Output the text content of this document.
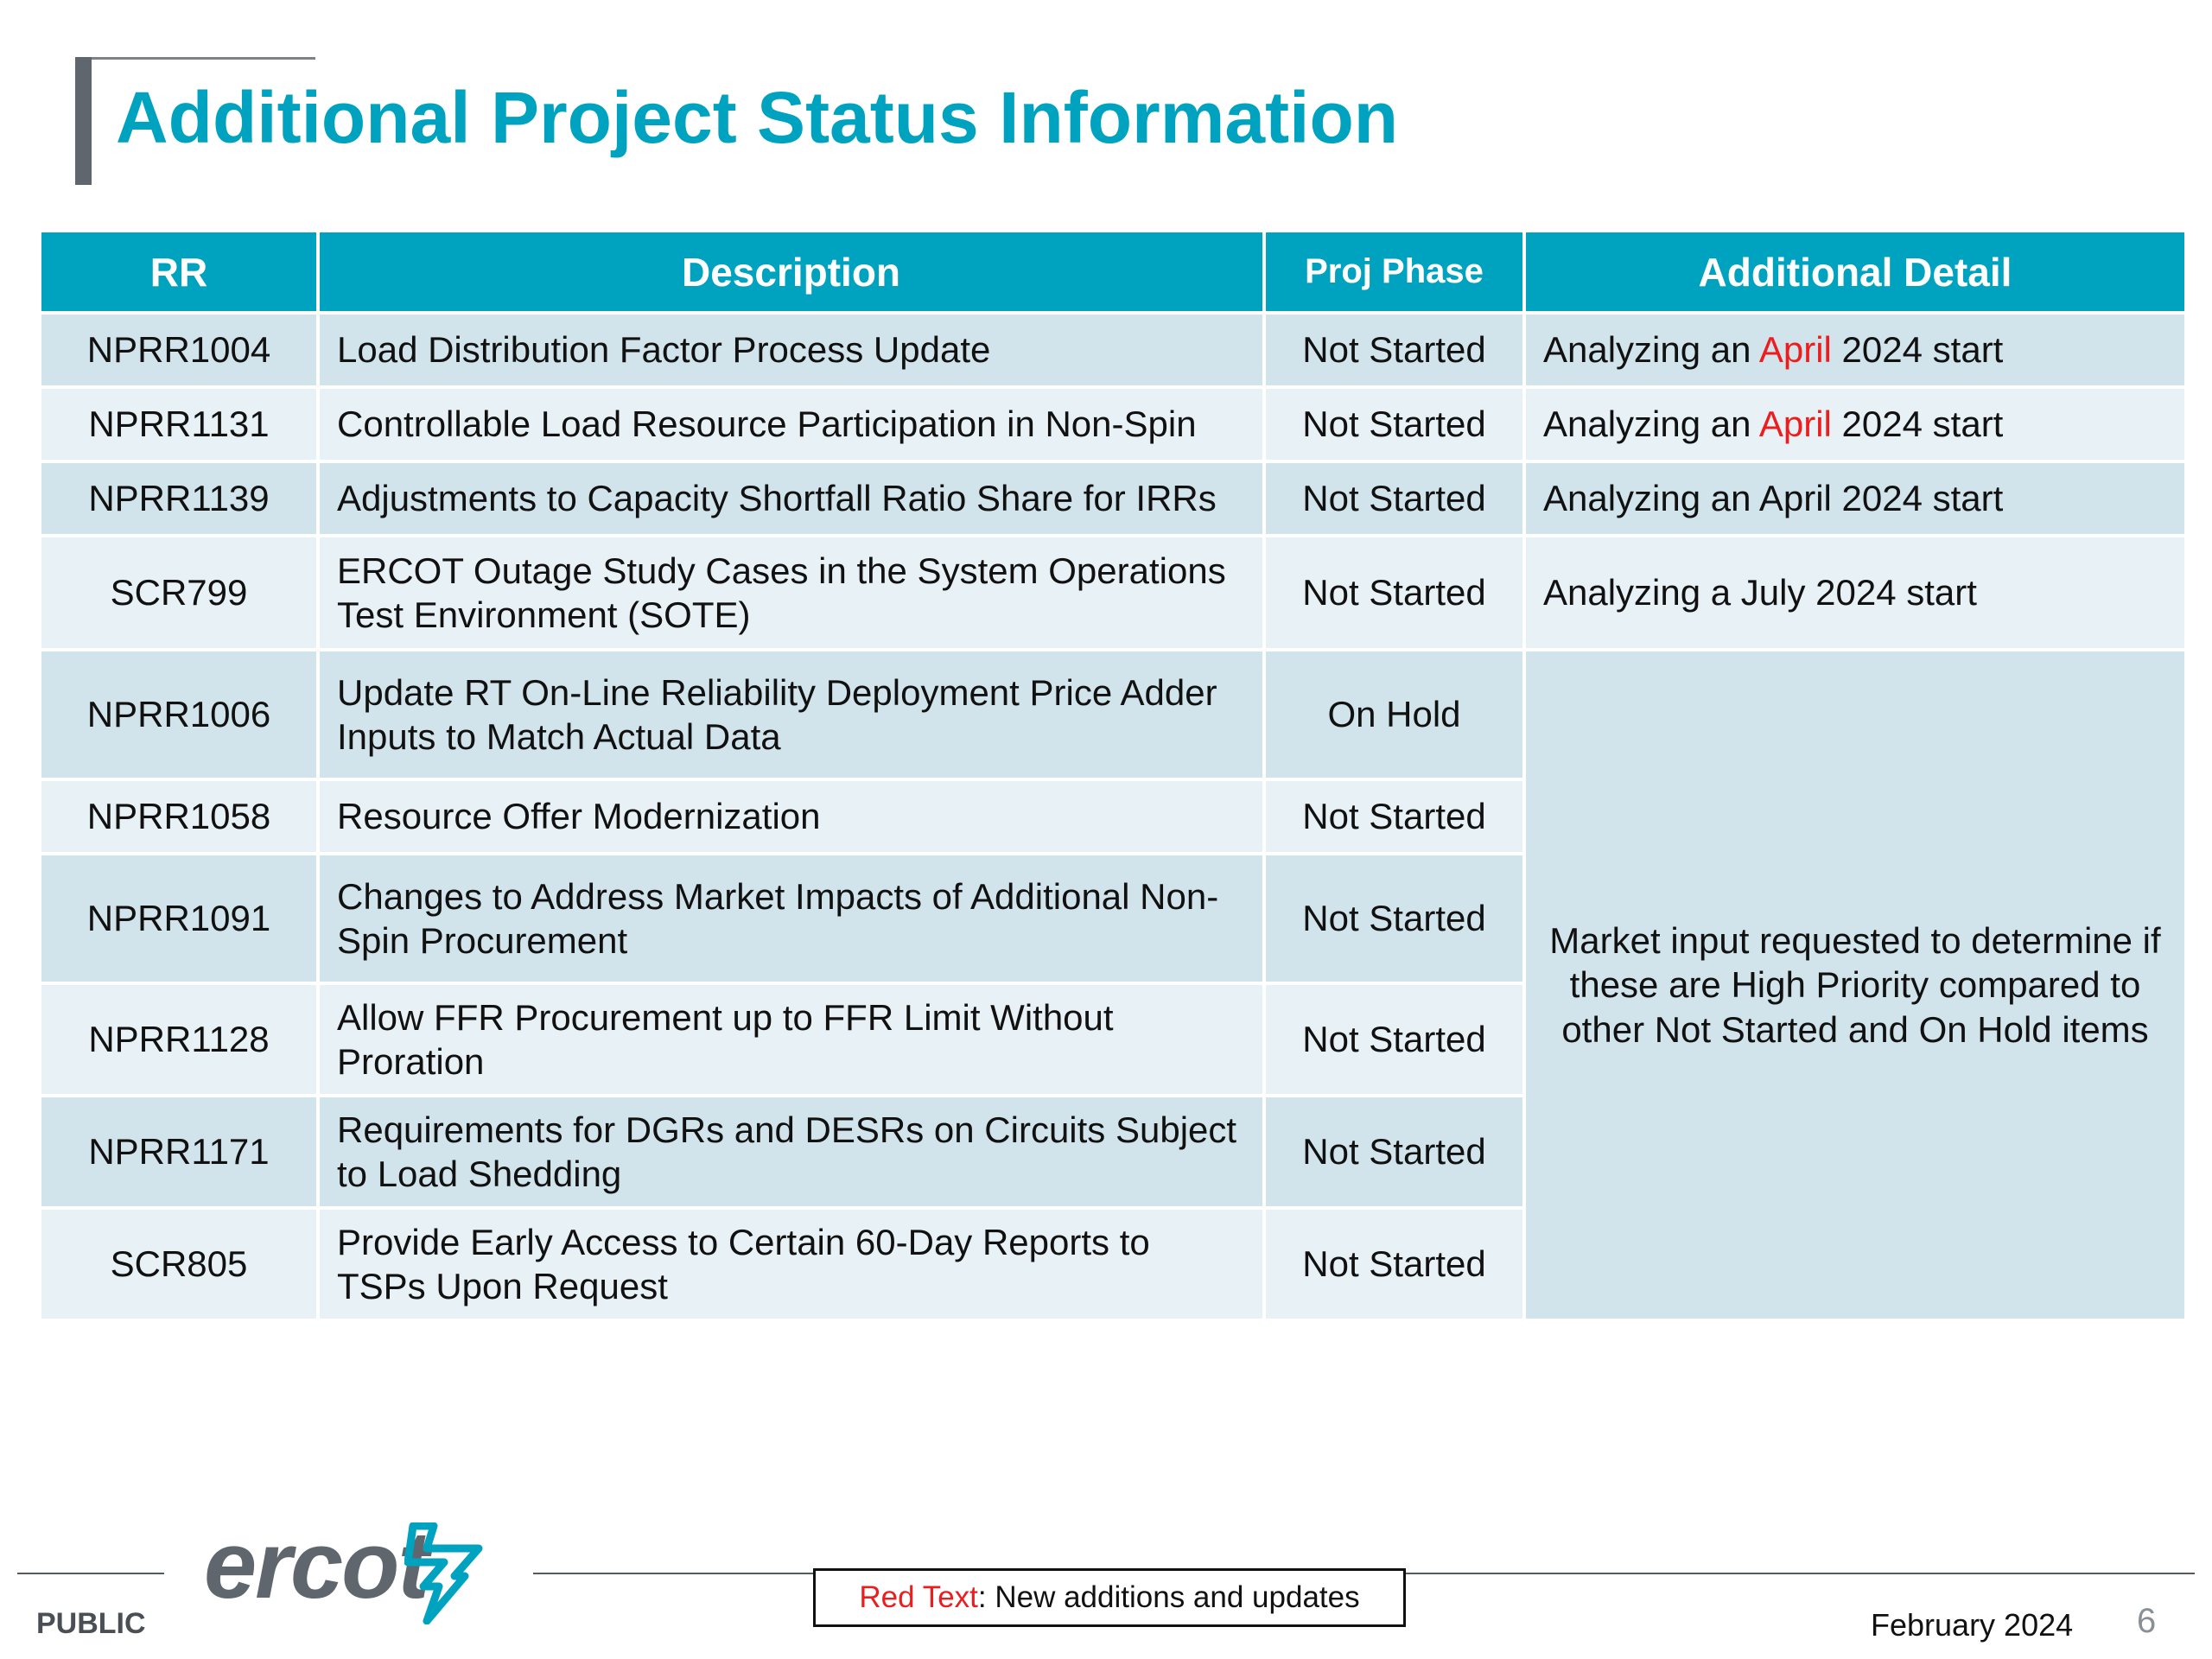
Additional Project Status Information
RR	Description	Proj Phase	Additional Detail
NPRR1004	Load Distribution Factor Process Update	Not Started	Analyzing an April 2024 start
NPRR1131	Controllable Load Resource Participation in Non-Spin	Not Started	Analyzing an April 2024 start
NPRR1139	Adjustments to Capacity Shortfall Ratio Share for IRRs	Not Started	Analyzing an April 2024 start
SCR799	ERCOT Outage Study Cases in the System Operations Test Environment (SOTE)	Not Started	Analyzing a July 2024 start
NPRR1006	Update RT On-Line Reliability Deployment Price Adder Inputs to Match Actual Data	On Hold	Market input requested to determine if these are High Priority compared to other Not Started and On Hold items
NPRR1058	Resource Offer Modernization	Not Started	
NPRR1091	Changes to Address Market Impacts of Additional Non-Spin Procurement	Not Started	
NPRR1128	Allow FFR Procurement up to FFR Limit Without Proration	Not Started	
NPRR1171	Requirements for DGRs and DESRs on Circuits Subject to Load Shedding	Not Started	
SCR805	Provide Early Access to Certain 60-Day Reports to TSPs Upon Request	Not Started	
ercot
PUBLIC
Red Text: New additions and updates
February 2024 6
